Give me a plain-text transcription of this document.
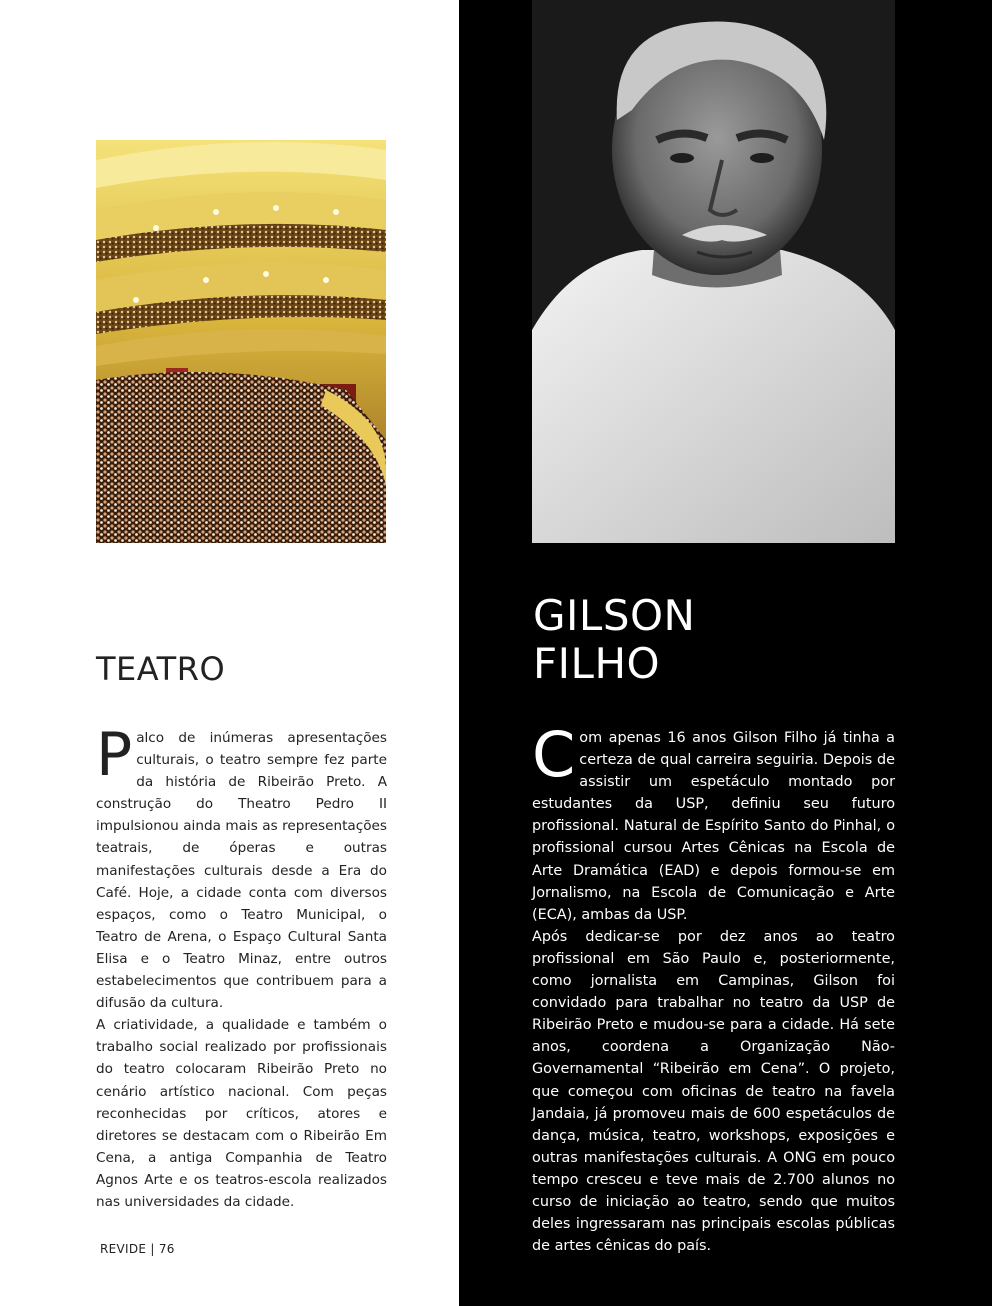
TEATRO

Palco de inúmeras apresentações culturais, o teatro sempre fez parte da história de Ribeirão Preto. A construção do Theatro Pedro II impulsionou ainda mais as representações teatrais, de óperas e outras manifestações culturais desde a Era do Café. Hoje, a cidade conta com diversos espaços, como o Teatro Municipal, o Teatro de Arena, o Espaço Cultural Santa Elisa e o Teatro Minaz, entre outros estabelecimentos que contribuem para a difusão da cultura.

A criatividade, a qualidade e também o trabalho social realizado por profissionais do teatro colocaram Ribeirão Preto no cenário artístico nacional. Com peças reconhecidas por críticos, atores e diretores se destacam com o Ribeirão Em Cena, a antiga Companhia de Teatro Agnos Arte e os teatros-escola realizados nas universidades da cidade.

REVIDE | 76
GILSON
FILHO

Com apenas 16 anos Gilson Filho já tinha a certeza de qual carreira seguiria. Depois de assistir um espetáculo montado por estudantes da USP, definiu seu futuro profissional. Natural de Espírito Santo do Pinhal, o profissional cursou Artes Cênicas na Escola de Arte Dramática (EAD) e depois formou-se em Jornalismo, na Escola de Comunicação e Arte (ECA), ambas da USP.

Após dedicar-se por dez anos ao teatro profissional em São Paulo e, posteriormente, como jornalista em Campinas, Gilson foi convidado para trabalhar no teatro da USP de Ribeirão Preto e mudou-se para a cidade. Há sete anos, coordena a Organização Não-Governamental “Ribeirão em Cena”. O projeto, que começou com oficinas de teatro na favela Jandaia, já promoveu mais de 600 espetáculos de dança, música, teatro, workshops, exposições e outras manifestações culturais. A ONG em pouco tempo cresceu e teve mais de 2.700 alunos no curso de iniciação ao teatro, sendo que muitos deles ingressaram nas principais escolas públicas de artes cênicas do país.
